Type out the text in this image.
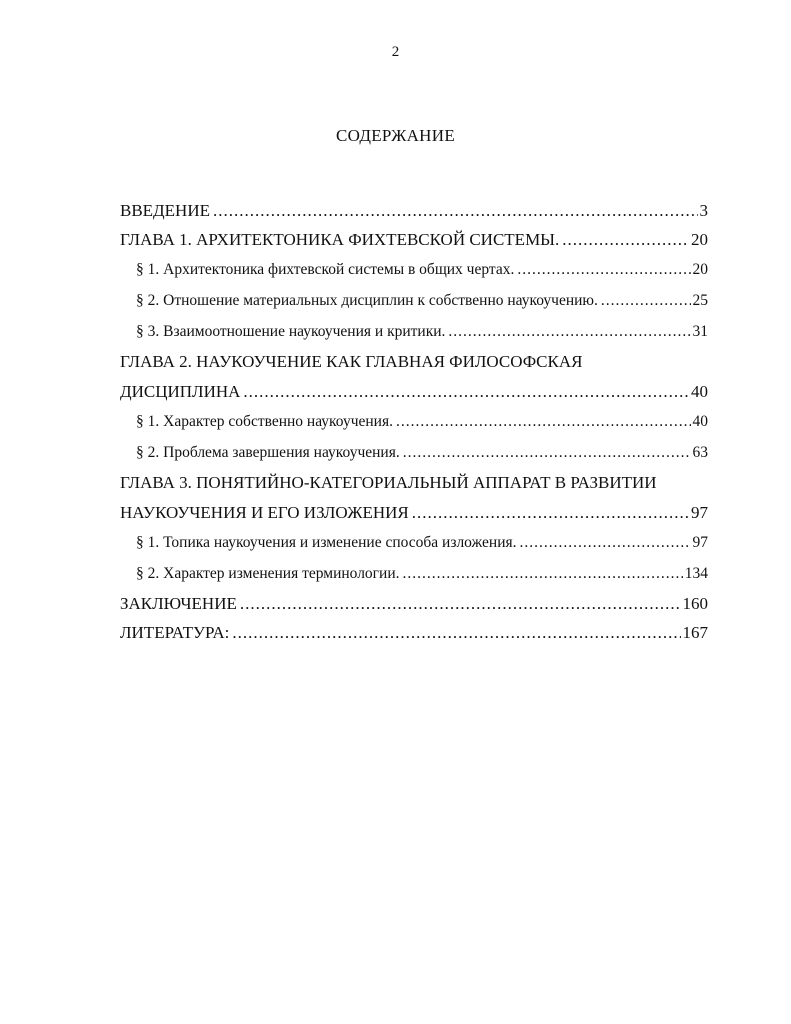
2
СОДЕРЖАНИЕ
ВВЕДЕНИЕ .....	3
ГЛАВА 1. АРХИТЕКТОНИКА ФИХТЕВСКОЙ СИСТЕМЫ. .....	20
§ 1. Архитектоника фихтевской системы в общих чертах. .....	20
§ 2. Отношение материальных дисциплин к собственно наукоучению. .....	25
§ 3. Взаимоотношение наукоучения и критики. .....	31
ГЛАВА 2. НАУКОУЧЕНИЕ КАК ГЛАВНАЯ ФИЛОСОФСКАЯ
ДИСЦИПЛИНА .....	40
§ 1. Характер собственно наукоучения. .....	40
§ 2. Проблема завершения наукоучения. .....	63
ГЛАВА 3. ПОНЯТИЙНО-КАТЕГОРИАЛЬНЫЙ АППАРАТ В РАЗВИТИИ
НАУКОУЧЕНИЯ И ЕГО ИЗЛОЖЕНИЯ .....	97
§ 1. Топика наукоучения и изменение способа изложения. .....	97
§ 2. Характер изменения терминологии. .....	134
ЗАКЛЮЧЕНИЕ .....	160
ЛИТЕРАТУРА: .....	167
